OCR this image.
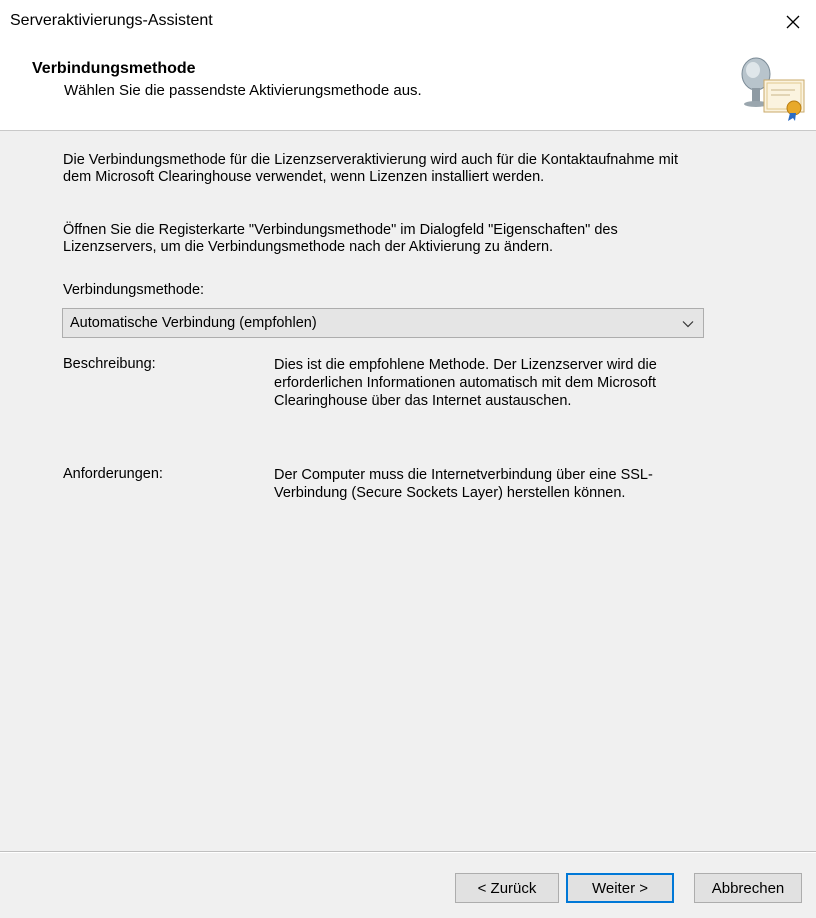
Serveraktivierungs-Assistent
Verbindungsmethode
Wählen Sie die passendste Aktivierungsmethode aus.
Die Verbindungsmethode für die Lizenzserveraktivierung wird auch für die Kontaktaufnahme mit dem Microsoft Clearinghouse verwendet, wenn Lizenzen installiert werden.
Öffnen Sie die Registerkarte "Verbindungsmethode" im Dialogfeld "Eigenschaften" des Lizenzservers, um die Verbindungsmethode nach der Aktivierung zu ändern.
Verbindungsmethode:
Automatische Verbindung (empfohlen)
Beschreibung:	Dies ist die empfohlene Methode. Der Lizenzserver wird die erforderlichen Informationen automatisch mit dem Microsoft Clearinghouse über das Internet austauschen.
Anforderungen:	Der Computer muss die Internetverbindung über eine SSL-Verbindung (Secure Sockets Layer) herstellen können.
< Zurück	Weiter >	Abbrechen
